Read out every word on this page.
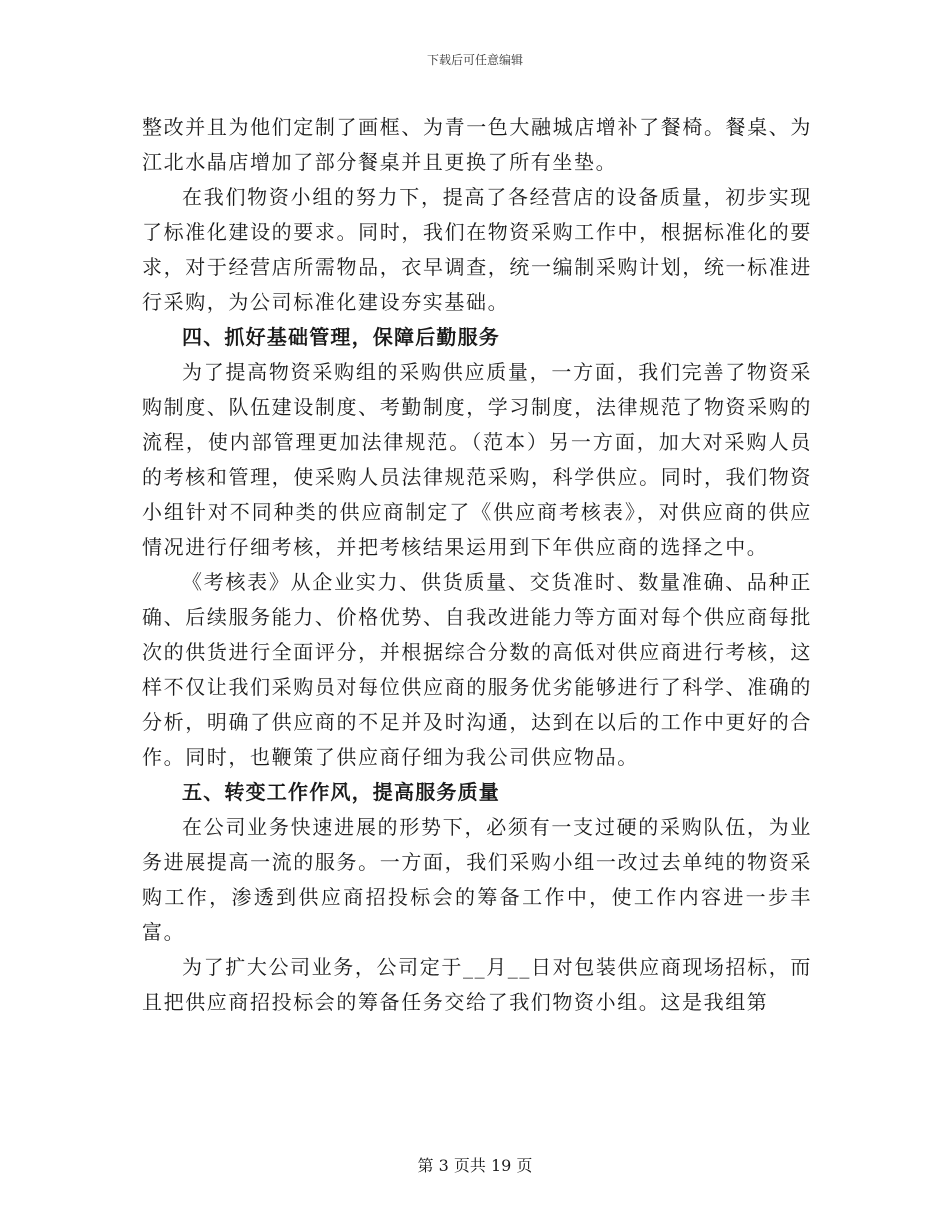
下载后可任意编辑

整改并且为他们定制了画框、为青一色大融城店增补了餐椅。餐桌、为江北水晶店增加了部分餐桌并且更换了所有坐垫。

在我们物资小组的努力下，提高了各经营店的设备质量，初步实现了标准化建设的要求。同时，我们在物资采购工作中，根据标准化的要求，对于经营店所需物品，衣早调查，统一编制采购计划，统一标准进行采购，为公司标准化建设夯实基础。

四、抓好基础管理，保障后勤服务

为了提高物资采购组的采购供应质量，一方面，我们完善了物资采购制度、队伍建设制度、考勤制度，学习制度，法律规范了物资采购的流程，使内部管理更加法律规范。（范本）另一方面，加大对采购人员的考核和管理，使采购人员法律规范采购，科学供应。同时，我们物资小组针对不同种类的供应商制定了《供应商考核表》，对供应商的供应情况进行仔细考核，并把考核结果运用到下年供应商的选择之中。

《考核表》从企业实力、供货质量、交货准时、数量准确、品种正确、后续服务能力、价格优势、自我改进能力等方面对每个供应商每批次的供货进行全面评分，并根据综合分数的高低对供应商进行考核，这样不仅让我们采购员对每位供应商的服务优劣能够进行了科学、准确的分析，明确了供应商的不足并及时沟通，达到在以后的工作中更好的合作。同时，也鞭策了供应商仔细为我公司供应物品。

五、转变工作作风，提高服务质量

在公司业务快速进展的形势下，必须有一支过硬的采购队伍，为业务进展提高一流的服务。一方面，我们采购小组一改过去单纯的物资采购工作，渗透到供应商招投标会的筹备工作中，使工作内容进一步丰富。

为了扩大公司业务，公司定于__月__日对包装供应商现场招标，而且把供应商招投标会的筹备任务交给了我们物资小组。这是我组第

第 3 页共 19 页
